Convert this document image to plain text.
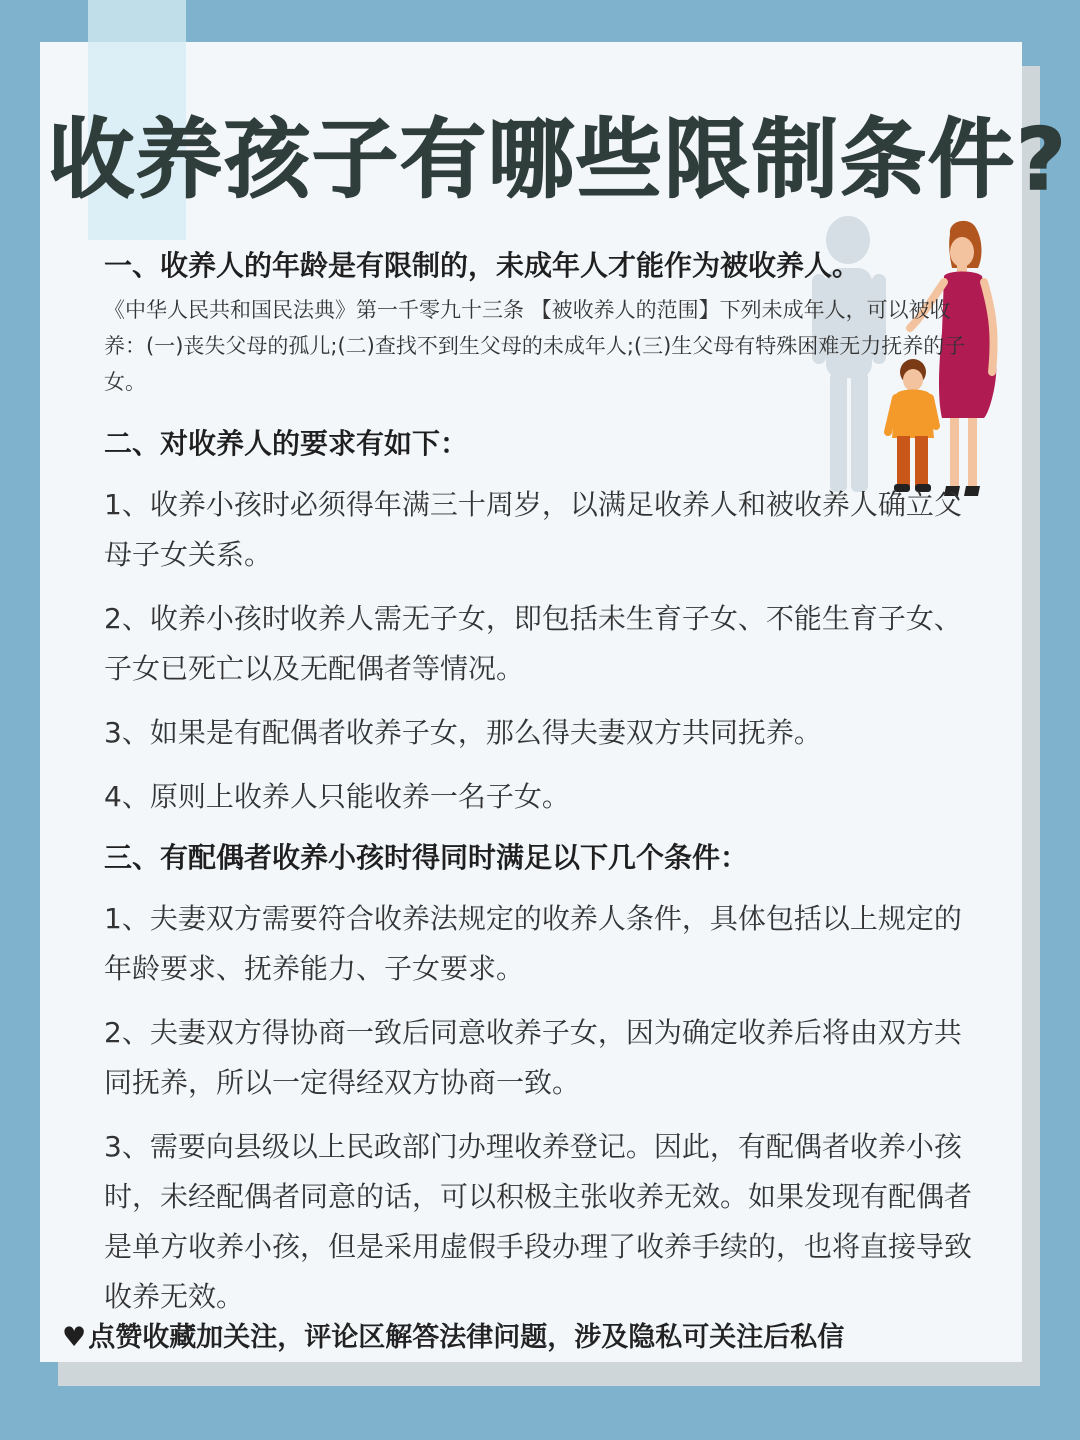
收养孩子有哪些限制条件?

一、收养人的年龄是有限制的，未成年人才能作为被收养人。

《中华人民共和国民法典》第一千零九十三条 【被收养人的范围】下列未成年人，可以被收养：(一)丧失父母的孤儿;(二)查找不到生父母的未成年人;(三)生父母有特殊困难无力抚养的子女。

二、对收养人的要求有如下：

1、收养小孩时必须得年满三十周岁，以满足收养人和被收养人确立父母子女关系。

2、收养小孩时收养人需无子女，即包括未生育子女、不能生育子女、子女已死亡以及无配偶者等情况。

3、如果是有配偶者收养子女，那么得夫妻双方共同抚养。

4、原则上收养人只能收养一名子女。

三、有配偶者收养小孩时得同时满足以下几个条件：

1、夫妻双方需要符合收养法规定的收养人条件，具体包括以上规定的年龄要求、抚养能力、子女要求。

2、夫妻双方得协商一致后同意收养子女，因为确定收养后将由双方共同抚养，所以一定得经双方协商一致。

3、需要向县级以上民政部门办理收养登记。因此，有配偶者收养小孩时，未经配偶者同意的话，可以积极主张收养无效。如果发现有配偶者是单方收养小孩，但是采用虚假手段办理了收养手续的，也将直接导致收养无效。

♥点赞收藏加关注，评论区解答法律问题，涉及隐私可关注后私信
